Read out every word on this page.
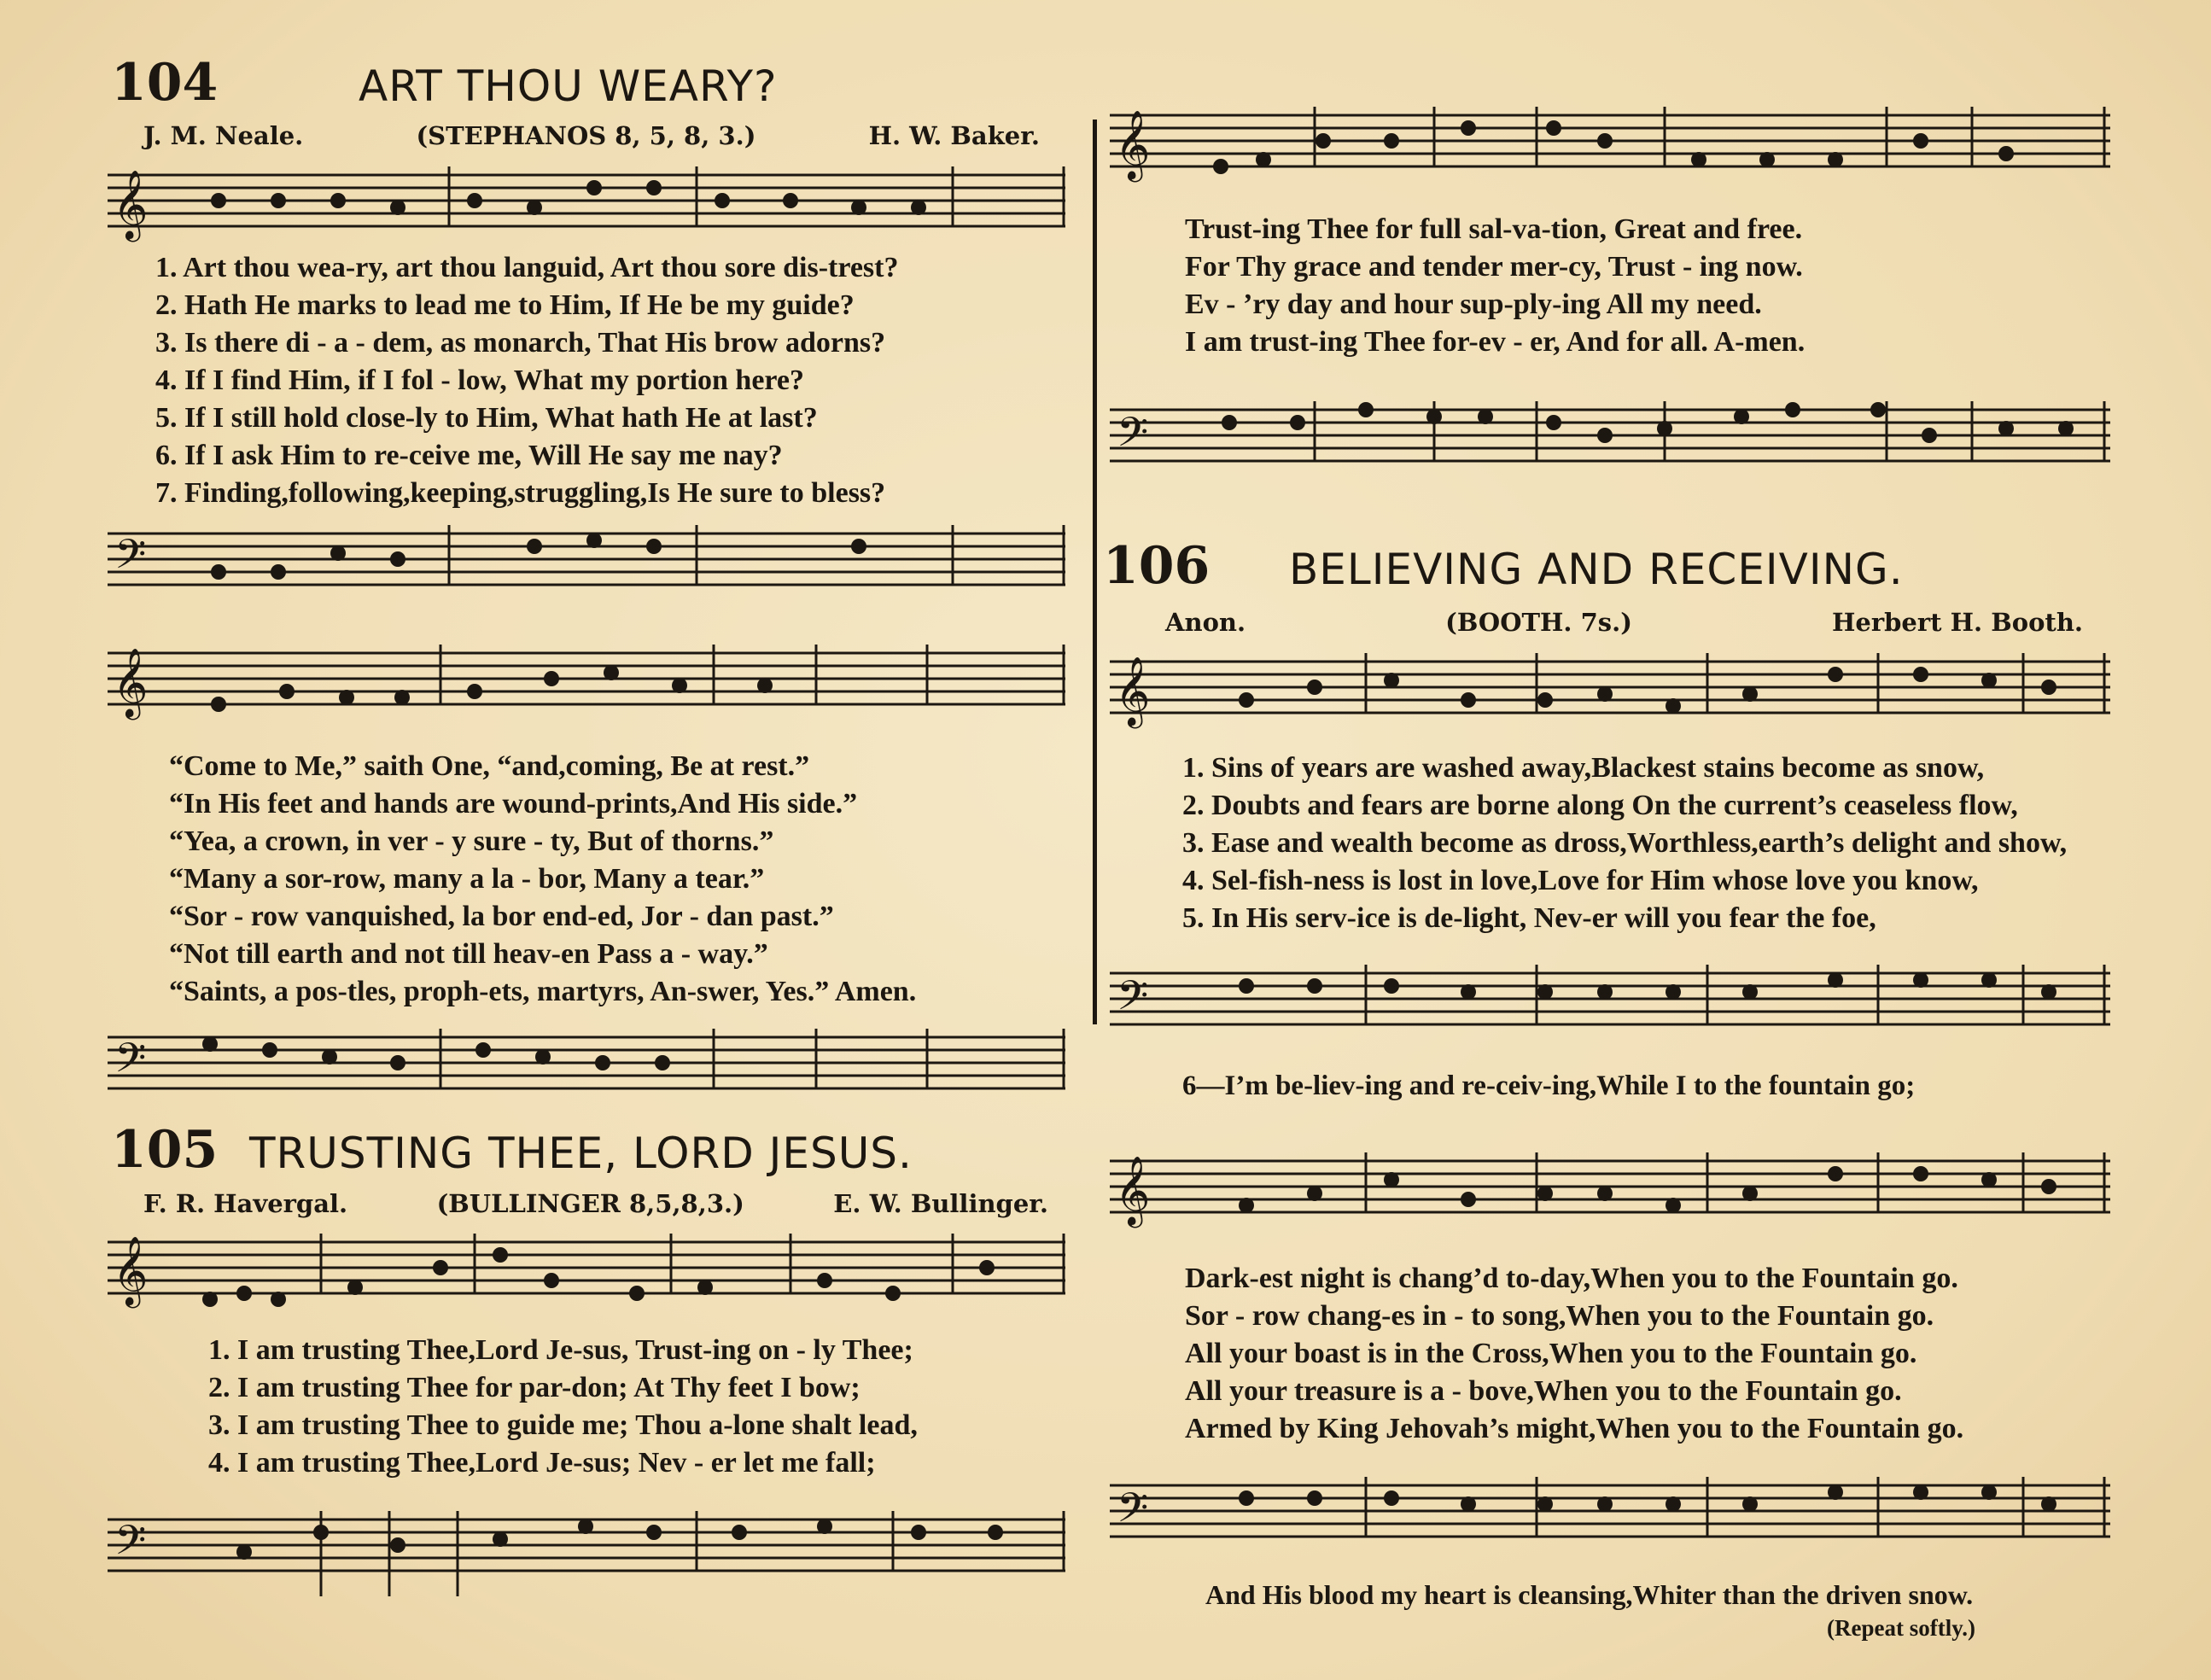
104	ART THOU WEARY?
J. M. Neale.	(STEPHANOS 8, 5, 8, 3.)	H. W. Baker.
𝄞
1. Art thou wea-ry, art thou languid, Art thou sore dis-trest?
2. Hath He marks to lead me to Him, If He be my guide?
3. Is there di - a - dem, as monarch, That His brow adorns?
4. If I find Him, if I fol - low, What my portion here?
5. If I still hold close-ly to Him, What hath He at last?
6. If I ask Him to re-ceive me, Will He say me nay?
7. Finding,following,keeping,struggling,Is He sure to bless?
𝄢
𝄞
“Come to Me,” saith One, “and,coming, Be at rest.”
“In His feet and hands are wound-prints,And His side.”
“Yea, a crown, in ver - y sure - ty, But of thorns.”
“Many a sor-row, many a la - bor, Many a tear.”
“Sor - row vanquished, la bor end-ed, Jor - dan past.”
“Not till earth and not till heav-en Pass a - way.”
“Saints, a pos-tles, proph-ets, martyrs, An-swer, Yes.” Amen.
𝄢
105 TRUSTING THEE, LORD JESUS.
F. R. Havergal.	(BULLINGER 8,5,8,3.)	E. W. Bullinger.
𝄞
1. I am trusting Thee,Lord Je-sus, Trust-ing on - ly Thee;
2. I am trusting Thee for par-don; At Thy feet I bow;
3. I am trusting Thee to guide me; Thou a-lone shalt lead,
4. I am trusting Thee,Lord Je-sus; Nev - er let me fall;
𝄢
𝄞
Trust-ing Thee for full sal-va-tion, Great and free.
For Thy grace and tender mer-cy, Trust - ing now.
Ev - ’ry day and hour sup-ply-ing All my need.
I am trust-ing Thee for-ev - er, And for all. A-men.
𝄢
106 BELIEVING AND RECEIVING.
Anon.	(BOOTH. 7s.)	Herbert H. Booth.
𝄞
1. Sins of years are washed away,Blackest stains become as snow,
2. Doubts and fears are borne along On the current’s ceaseless flow,
3. Ease and wealth become as dross,Worthless,earth’s delight and show,
4. Sel-fish-ness is lost in love,Love for Him whose love you know,
5. In His serv-ice is de-light, Nev-er will you fear the foe,
𝄢
6—I’m be-liev-ing and re-ceiv-ing,While I to the fountain go;
𝄞
Dark-est night is chang’d to-day,When you to the Fountain go.
Sor - row chang-es in - to song,When you to the Fountain go.
All your boast is in the Cross,When you to the Fountain go.
All your treasure is a - bove,When you to the Fountain go.
Armed by King Jehovah’s might,When you to the Fountain go.
𝄢
And His blood my heart is cleansing,Whiter than the driven snow.
(Repeat softly.)
